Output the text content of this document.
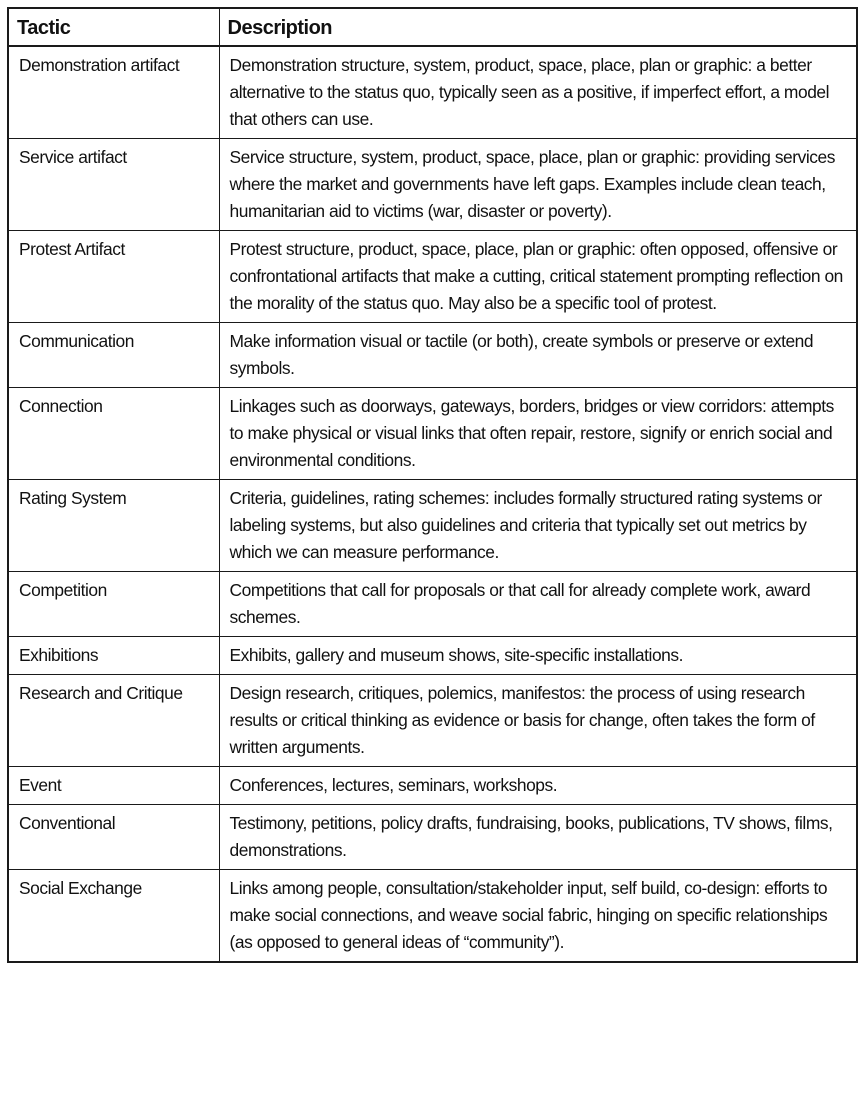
Tactic	Description
Demonstration artifact	Demonstration structure, system, product, space, place, plan or graphic: a better alternative to the status quo, typically seen as a positive, if imperfect effort, a model that others can use.
Service artifact	Service structure, system, product, space, place, plan or graphic: providing services where the market and governments have left gaps. Examples include clean teach, humanitarian aid to victims (war, disaster or poverty).
Protest Artifact	Protest structure, product, space, place, plan or graphic: often opposed, offensive or confrontational artifacts that make a cutting, critical statement prompting reflection on the morality of the status quo. May also be a specific tool of protest.
Communication	Make information visual or tactile (or both), create symbols or preserve or extend symbols.
Connection	Linkages such as doorways, gateways, borders, bridges or view corridors: attempts to make physical or visual links that often repair, restore, signify or enrich social and environmental conditions.
Rating System	Criteria, guidelines, rating schemes: includes formally structured rating systems or labeling systems, but also guidelines and criteria that typically set out metrics by which we can measure performance.
Competition	Competitions that call for proposals or that call for already complete work, award schemes.
Exhibitions	Exhibits, gallery and museum shows, site-specific installations.
Research and Critique	Design research, critiques, polemics, manifestos: the process of using research results or critical thinking as evidence or basis for change, often takes the form of written arguments.
Event	Conferences, lectures, seminars, workshops.
Conventional	Testimony, petitions, policy drafts, fundraising, books, publications, TV shows, films, demonstrations.
Social Exchange	Links among people, consultation/stakeholder input, self build, co-design: efforts to make social connections, and weave social fabric, hinging on specific relationships (as opposed to general ideas of “community”).
